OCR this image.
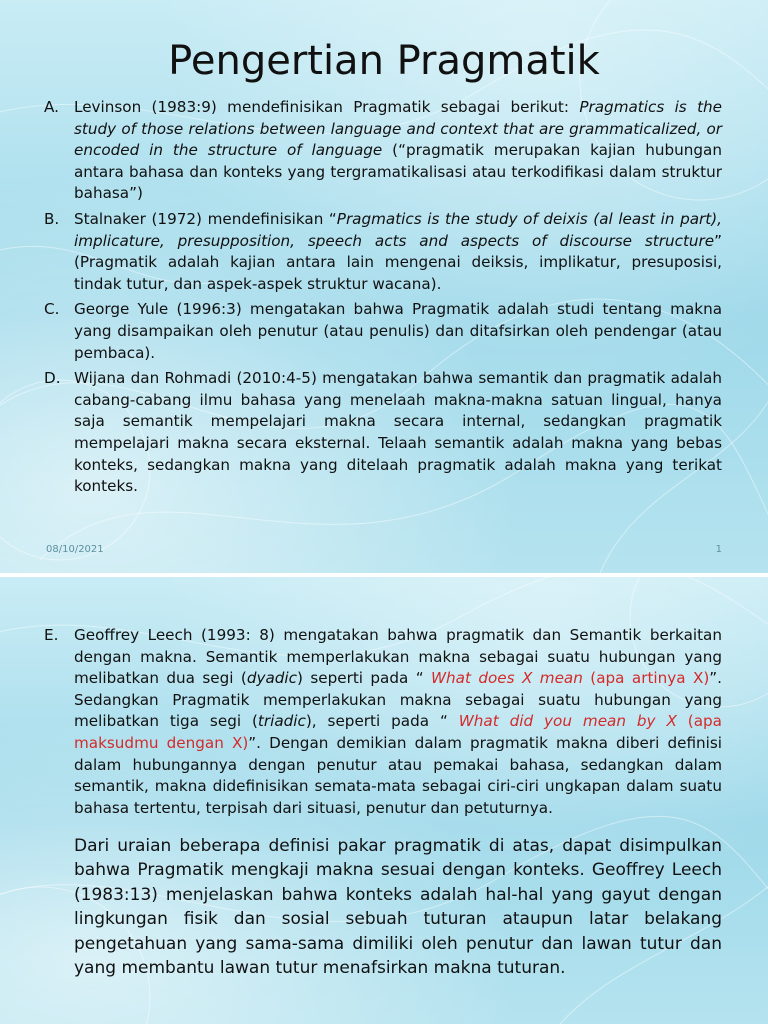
Pengertian Pragmatik
A. Levinson (1983:9) mendefinisikan Pragmatik sebagai berikut: Pragmatics is the study of those relations between language and context that are grammaticalized, or encoded in the structure of language (“pragmatik merupakan kajian hubungan antara bahasa dan konteks yang tergramatikalisasi atau terkodifikasi dalam struktur bahasa”)
B. Stalnaker (1972) mendefinisikan “Pragmatics is the study of deixis (al least in part), implicature, presupposition, speech acts and aspects of discourse structure” (Pragmatik adalah kajian antara lain mengenai deiksis, implikatur, presuposisi, tindak tutur, dan aspek-aspek struktur wacana).
C. George Yule (1996:3) mengatakan bahwa Pragmatik adalah studi tentang makna yang disampaikan oleh penutur (atau penulis) dan ditafsirkan oleh pendengar (atau pembaca).
D. Wijana dan Rohmadi (2010:4-5) mengatakan bahwa semantik dan pragmatik adalah cabang-cabang ilmu bahasa yang menelaah makna-makna satuan lingual, hanya saja semantik mempelajari makna secara internal, sedangkan pragmatik mempelajari makna secara eksternal. Telaah semantik adalah makna yang bebas konteks, sedangkan makna yang ditelaah pragmatik adalah makna yang terikat konteks.
08/10/2021	1
E.	Geoffrey Leech (1993: 8) mengatakan bahwa pragmatik dan Semantik berkaitan dengan makna. Semantik memperlakukan makna sebagai suatu hubungan yang melibatkan dua segi (dyadic) seperti pada “ What does X mean (apa artinya X)”. Sedangkan Pragmatik memperlakukan makna sebagai suatu hubungan yang melibatkan tiga segi (triadic), seperti pada “ What did you mean by X (apa maksudmu dengan X)”. Dengan demikian dalam pragmatik makna diberi definisi dalam hubungannya dengan penutur atau pemakai bahasa, sedangkan dalam semantik, makna didefinisikan semata-mata sebagai ciri-ciri ungkapan dalam suatu bahasa tertentu, terpisah dari situasi, penutur dan petuturnya.
Dari uraian beberapa definisi pakar pragmatik di atas, dapat disimpulkan bahwa Pragmatik mengkaji makna sesuai dengan konteks. Geoffrey Leech (1983:13) menjelaskan bahwa konteks adalah hal-hal yang gayut dengan lingkungan fisik dan sosial sebuah tuturan ataupun latar belakang pengetahuan yang sama-sama dimiliki oleh penutur dan lawan tutur dan yang membantu lawan tutur menafsirkan makna tuturan.
